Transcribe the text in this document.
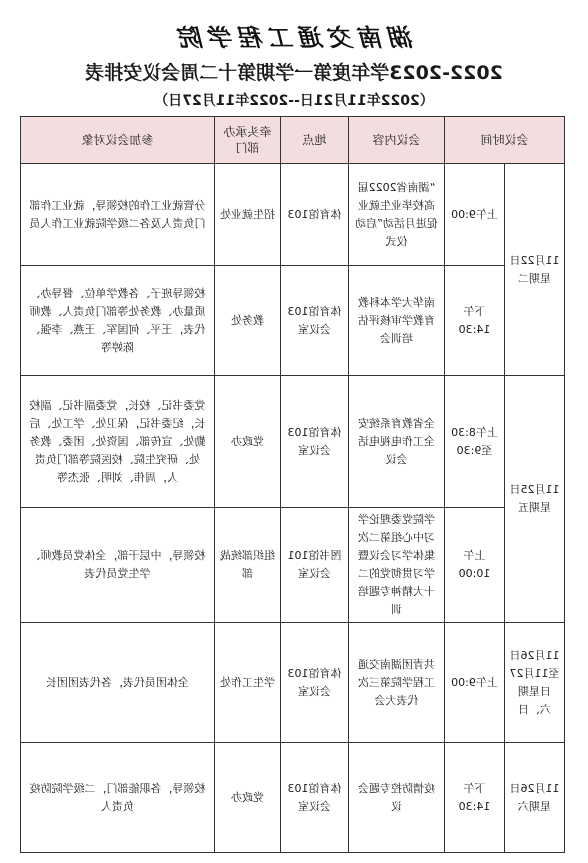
湖南交通工程学院
2022-2023学年度第一学期第十二周会议安排表
（2022年11月21日--2022年11月27日）
会议时间		会议内容	地点	牵头承办部门	参加会议对象
11月22日星期二	上午9:00	“湖南省2022届高校毕业生就业促进月活动”启动仪式	体育馆103	招生就业处	分管就业工作的校领导，就业工作部门负责人及各二级学院就业工作人员
	下午14:30	南华大学本科教育教学审核评估培训会	体育馆103会议室	教务处	校领导班子、各教学单位、督导办、质量办、教务处等部门负责人、教师代表，王平、何国军、王燕、李强、陈婷等
11月25日星期五	上午8:30至9:30	全省教育系统安全工作电视电话会议	体育馆103会议室	党政办	党委书记、校长，党委副书记、副校长，纪委书记，保卫处、学工处、后勤处、宣传部、国资处、团委、教务处、研究生院、校医院等部门负责人，周伟、刘明、张杰等
	上午10:00	学院党委理论学习中心组第二次集体学习会议暨学习贯彻党的二十大精神专题培训	图书馆101会议室	组织部统战部	校领导，中层干部，全体党员教师、学生党员代表
11月26日至11月27日星期六、日	上午9:00	共青团湖南交通工程学院第三次代表大会	体育馆103会议室	学生工作处	全体团员代表，各代表团团长
11月26日星期六	下午14:30	疫情防控专题会议	体育馆103会议室	党政办	校领导，各职能部门，二级学院防疫负责人
